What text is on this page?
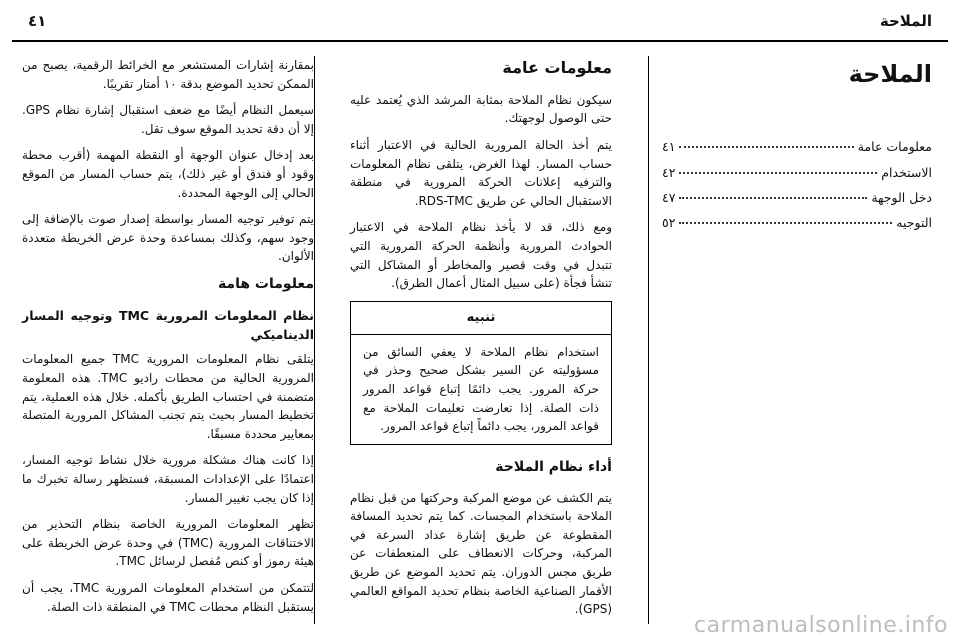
الملاحة
٤١
الملاحة
معلومات عامة
٤١
الاستخدام
٤٢
دخل الوجهة
٤٧
التوجيه
٥٢
معلومات عامة

سيكون نظام الملاحة بمثابة المرشد الذي يُعتمد عليه حتى الوصول لوجهتك.

يتم أخذ الحالة المرورية الحالية في الاعتبار أثناء حساب المسار. لهذا الغرض، يتلقى نظام المعلومات والترفيه إعلانات الحركة المرورية في منطقة الاستقبال الحالي عن طريق RDS-TMC.

ومع ذلك، قد لا يأخذ نظام الملاحة في الاعتبار الحوادث المرورية وأنظمة الحركة المرورية التي تتبدل في وقت قصير والمخاطر أو المشاكل التي تنشأ فجأة (على سبيل المثال أعمال الطرق).

تنبيه
استخدام نظام الملاحة لا يعفي السائق من مسؤوليته عن السير بشكل صحيح وحذر في حركة المرور. يجب دائمًا إتباع قواعد المرور ذات الصلة. إذا تعارضت تعليمات الملاحة مع قواعد المرور، يجب دائماً إتباع قواعد المرور.
أداء نظام الملاحة

يتم الكشف عن موضع المركبة وحركتها من قبل نظام الملاحة باستخدام المجسات. كما يتم تحديد المسافة المقطوعة عن طريق إشارة عداد السرعة في المركبة، وحركات الانعطاف على المنعطفات عن طريق مجس الدوران. يتم تحديد الموضع عن طريق الأقمار الصناعية الخاصة بنظام تحديد المواقع العالمي (GPS).

بمقارنة إشارات المستشعر مع الخرائط الرقمية، يصبح من الممكن تحديد الموضع بدقة ١٠ أمتار تقريبًا.

سيعمل النظام أيضًا مع ضعف استقبال إشارة نظام GPS. إلا أن دقة تحديد الموقع سوف تقل.

بعد إدخال عنوان الوجهة أو النقطة المهمة (أقرب محطة وقود أو فندق أو غير ذلك)، يتم حساب المسار من الموقع الحالي إلى الوجهة المحددة.

يتم توفير توجيه المسار بواسطة إصدار صوت بالإضافة إلى وجود سهم، وكذلك بمساعدة وحدة عرض الخريطة متعددة الألوان.

معلومات هامة
نظام المعلومات المرورية TMC وتوجيه المسار الديناميكي

يتلقى نظام المعلومات المرورية TMC جميع المعلومات المرورية الحالية من محطات راديو TMC. هذه المعلومة متضمنة في احتساب الطريق بأكمله. خلال هذه العملية، يتم تخطيط المسار بحيث يتم تجنب المشاكل المرورية المتصلة بمعايير محددة مسبقًا.

إذا كانت هناك مشكلة مرورية خلال نشاط توجيه المسار، اعتمادًا على الإعدادات المسبقة، فستظهر رسالة تخبرك ما إذا كان يجب تغيير المسار.

تظهر المعلومات المرورية الخاصة بنظام التحذير من الاختناقات المرورية (TMC) في وحدة عرض الخريطة على هيئة رموز أو كنص مُفصل لرسائل TMC.

لتتمكن من استخدام المعلومات المرورية TMC، يجب أن يستقبل النظام محطات TMC في المنطقة ذات الصلة.

carmanualsonline.info
